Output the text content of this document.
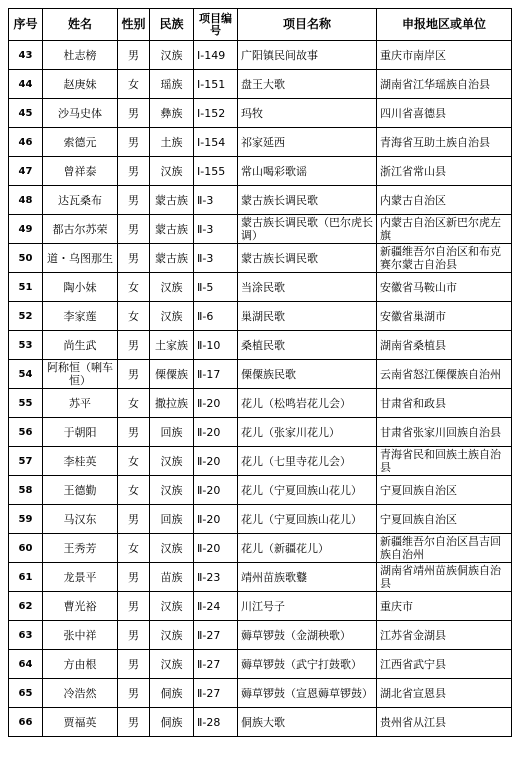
序号	姓名	性别	民族	项目编号	项目名称	申报地区或单位
43	杜志榜	男	汉族	Ⅰ-149	广阳镇民间故事	重庆市南岸区
44	赵庚妹	女	瑶族	Ⅰ-151	盘王大歌	湖南省江华瑶族自治县
45	沙马史体	男	彝族	Ⅰ-152	玛牧	四川省喜德县
46	索德元	男	土族	Ⅰ-154	祁家延西	青海省互助土族自治县
47	曾祥泰	男	汉族	Ⅰ-155	常山喝彩歌谣	浙江省常山县
48	达瓦桑布	男	蒙古族	Ⅱ-3	蒙古族长调民歌	内蒙古自治区
49	都古尔苏荣	男	蒙古族	Ⅱ-3	蒙古族长调民歌（巴尔虎长调）	内蒙古自治区新巴尔虎左旗
50	道・乌图那生	男	蒙古族	Ⅱ-3	蒙古族长调民歌	新疆维吾尔自治区和布克赛尔蒙古自治县
51	陶小妹	女	汉族	Ⅱ-5	当涂民歌	安徽省马鞍山市
52	李家莲	女	汉族	Ⅱ-6	巢湖民歌	安徽省巢湖市
53	尚生武	男	土家族	Ⅱ-10	桑植民歌	湖南省桑植县
54	阿称恒（唎车恒）	男	傈僳族	Ⅱ-17	傈僳族民歌	云南省怒江傈僳族自治州
55	苏平	女	撒拉族	Ⅱ-20	花儿（松鸣岩花儿会）	甘肃省和政县
56	于朝阳	男	回族	Ⅱ-20	花儿（张家川花儿）	甘肃省张家川回族自治县
57	李桂英	女	汉族	Ⅱ-20	花儿（七里寺花儿会）	青海省民和回族土族自治县
58	王德勤	女	汉族	Ⅱ-20	花儿（宁夏回族山花儿）	宁夏回族自治区
59	马汉东	男	回族	Ⅱ-20	花儿（宁夏回族山花儿）	宁夏回族自治区
60	王秀芳	女	汉族	Ⅱ-20	花儿（新疆花儿）	新疆维吾尔自治区昌吉回族自治州
61	龙景平	男	苗族	Ⅱ-23	靖州苗族歌鼟	湖南省靖州苗族侗族自治县
62	曹光裕	男	汉族	Ⅱ-24	川江号子	重庆市
63	张中祥	男	汉族	Ⅱ-27	薅草锣鼓（金湖秧歌）	江苏省金湖县
64	方由根	男	汉族	Ⅱ-27	薅草锣鼓（武宁打鼓歌）	江西省武宁县
65	冷浩然	男	侗族	Ⅱ-27	薅草锣鼓（宣恩薅草锣鼓）	湖北省宣恩县
66	贾福英	男	侗族	Ⅱ-28	侗族大歌	贵州省从江县
